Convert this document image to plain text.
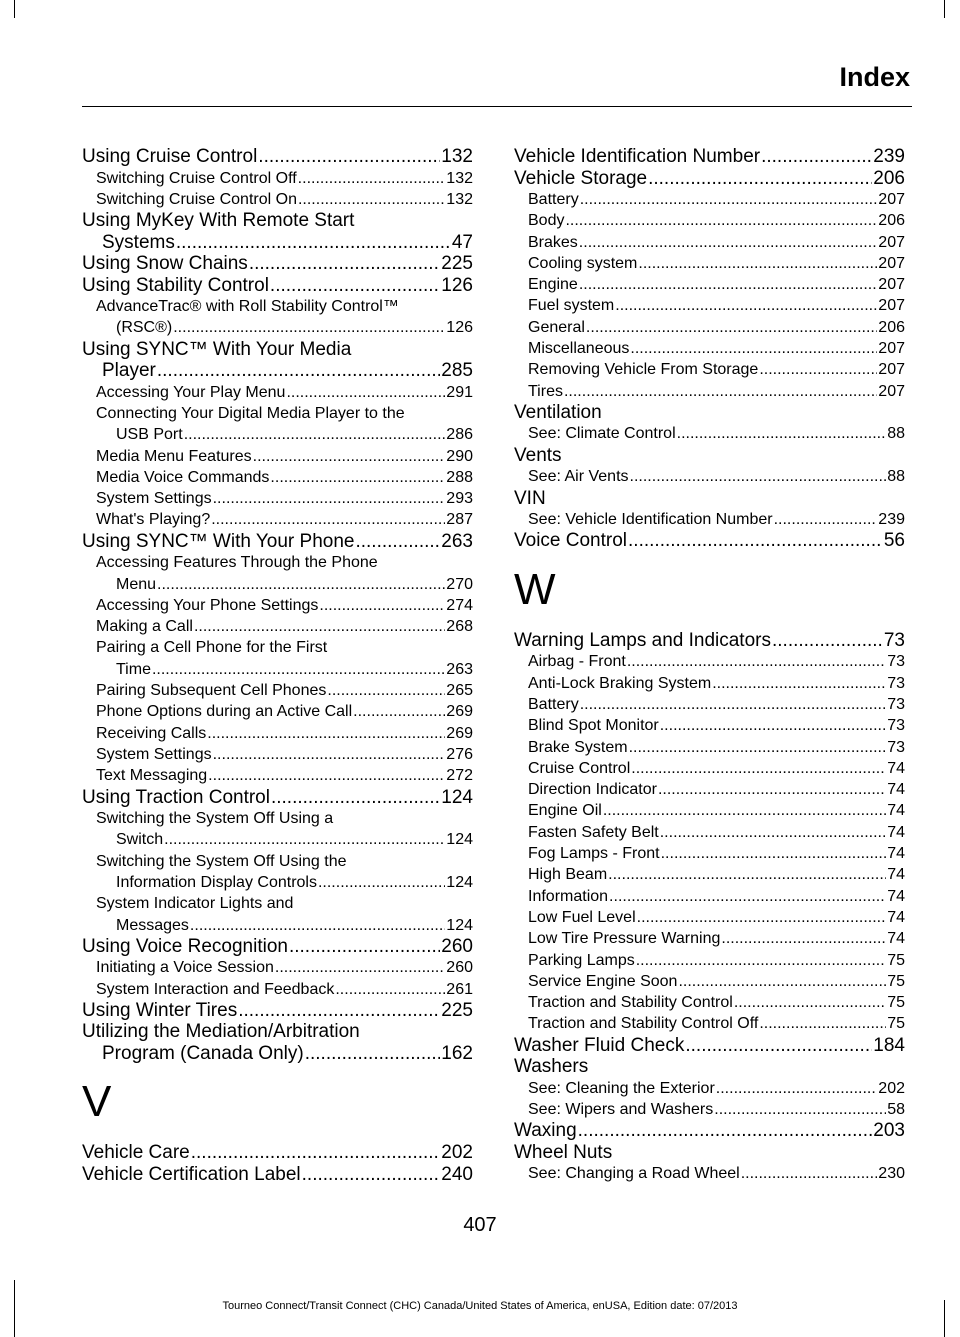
Index
Using Cruise Control .....	132
Switching Cruise Control Off .....	132
Switching Cruise Control On .....	132
Using MyKey With Remote Start
Systems .....	47
Using Snow Chains .....	225
Using Stability Control .....	126
AdvanceTrac® with Roll Stability Control™
(RSC®) .....	126
Using SYNC™ With Your Media
Player .....	285
Accessing Your Play Menu .....	291
Connecting Your Digital Media Player to the
USB Port .....	286
Media Menu Features .....	290
Media Voice Commands .....	288
System Settings .....	293
What's Playing? .....	287
Using SYNC™ With Your Phone .....	263
Accessing Features Through the Phone
Menu .....	270
Accessing Your Phone Settings .....	274
Making a Call .....	268
Pairing a Cell Phone for the First
Time .....	263
Pairing Subsequent Cell Phones .....	265
Phone Options during an Active Call .....	269
Receiving Calls .....	269
System Settings .....	276
Text Messaging .....	272
Using Traction Control .....	124
Switching the System Off Using a
Switch .....	124
Switching the System Off Using the
Information Display Controls .....	124
System Indicator Lights and
Messages .....	124
Using Voice Recognition .....	260
Initiating a Voice Session .....	260
System Interaction and Feedback .....	261
Using Winter Tires .....	225
Utilizing the Mediation/Arbitration
Program (Canada Only) .....	162
V
Vehicle Care .....	202
Vehicle Certification Label .....	240
Vehicle Identification Number .....	239
Vehicle Storage .....	206
Battery .....	207
Body .....	206
Brakes .....	207
Cooling system .....	207
Engine .....	207
Fuel system .....	207
General .....	206
Miscellaneous .....	207
Removing Vehicle From Storage .....	207
Tires .....	207
Ventilation
See: Climate Control .....	88
Vents
See: Air Vents .....	88
VIN
See: Vehicle Identification Number .....	239
Voice Control .....	56
W
Warning Lamps and Indicators .....	73
Airbag - Front .....	73
Anti-Lock Braking System .....	73
Battery .....	73
Blind Spot Monitor .....	73
Brake System .....	73
Cruise Control .....	74
Direction Indicator .....	74
Engine Oil .....	74
Fasten Safety Belt .....	74
Fog Lamps - Front .....	74
High Beam .....	74
Information .....	74
Low Fuel Level .....	74
Low Tire Pressure Warning .....	74
Parking Lamps .....	75
Service Engine Soon .....	75
Traction and Stability Control .....	75
Traction and Stability Control Off .....	75
Washer Fluid Check .....	184
Washers
See: Cleaning the Exterior .....	202
See: Wipers and Washers .....	58
Waxing .....	203
Wheel Nuts
See: Changing a Road Wheel .....	230
407
Tourneo Connect/Transit Connect (CHC) Canada/United States of America, enUSA, Edition date: 07/2013
